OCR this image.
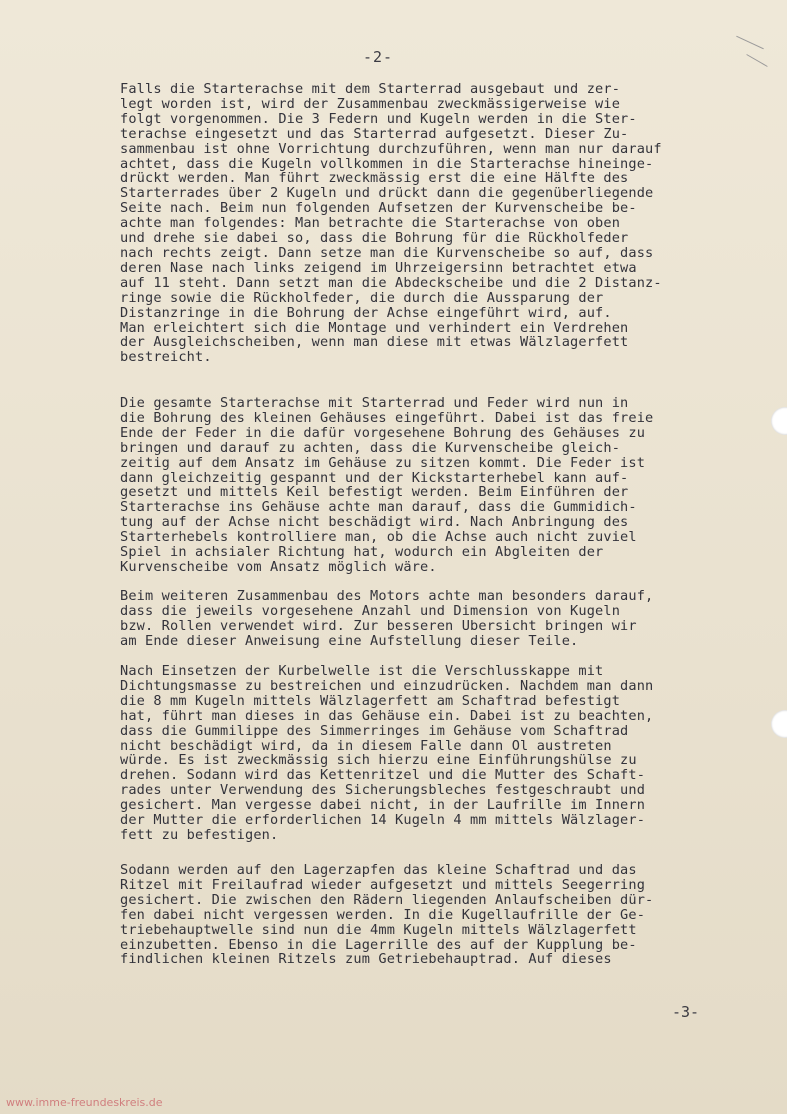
-2-
Falls die Starterachse mit dem Starterrad ausgebaut und zer-
legt worden ist, wird der Zusammenbau zweckmässigerweise wie
folgt vorgenommen. Die 3 Federn und Kugeln werden in die Ster-
terachse eingesetzt und das Starterrad aufgesetzt. Dieser Zu-
sammenbau ist ohne Vorrichtung durchzuführen, wenn man nur darauf
achtet, dass die Kugeln vollkommen in die Starterachse hineinge-
drückt werden. Man führt zweckmässig erst die eine Hälfte des
Starterrades über 2 Kugeln und drückt dann die gegenüberliegende
Seite nach. Beim nun folgenden Aufsetzen der Kurvenscheibe be-
achte man folgendes: Man betrachte die Starterachse von oben
und drehe sie dabei so, dass die Bohrung für die Rückholfeder
nach rechts zeigt. Dann setze man die Kurvenscheibe so auf, dass
deren Nase nach links zeigend im Uhrzeigersinn betrachtet etwa
auf 11 steht. Dann setzt man die Abdeckscheibe und die 2 Distanz-
ringe sowie die Rückholfeder, die durch die Aussparung der
Distanzringe in die Bohrung der Achse eingeführt wird, auf.
Man erleichtert sich die Montage und verhindert ein Verdrehen
der Ausgleichscheiben, wenn man diese mit etwas Wälzlagerfett
bestreicht.
Die gesamte Starterachse mit Starterrad und Feder wird nun in
die Bohrung des kleinen Gehäuses eingeführt. Dabei ist das freie
Ende der Feder in die dafür vorgesehene Bohrung des Gehäuses zu
bringen und darauf zu achten, dass die Kurvenscheibe gleich-
zeitig auf dem Ansatz im Gehäuse zu sitzen kommt. Die Feder ist
dann gleichzeitig gespannt und der Kickstarterhebel kann auf-
gesetzt und mittels Keil befestigt werden. Beim Einführen der
Starterachse ins Gehäuse achte man darauf, dass die Gummidich-
tung auf der Achse nicht beschädigt wird. Nach Anbringung des
Starterhebels kontrolliere man, ob die Achse auch nicht zuviel
Spiel in achsialer Richtung hat, wodurch ein Abgleiten der
Kurvenscheibe vom Ansatz möglich wäre.
Beim weiteren Zusammenbau des Motors achte man besonders darauf,
dass die jeweils vorgesehene Anzahl und Dimension von Kugeln
bzw. Rollen verwendet wird. Zur besseren Übersicht bringen wir
am Ende dieser Anweisung eine Aufstellung dieser Teile.
Nach Einsetzen der Kurbelwelle ist die Verschlusskappe mit
Dichtungsmasse zu bestreichen und einzudrücken. Nachdem man dann
die 8 mm Kugeln mittels Wälzlagerfett am Schaftrad befestigt
hat, führt man dieses in das Gehäuse ein. Dabei ist zu beachten,
dass die Gummilippe des Simmerringes im Gehäuse vom Schaftrad
nicht beschädigt wird, da in diesem Falle dann Öl austreten
würde. Es ist zweckmässig sich hierzu eine Einführungshülse zu
drehen. Sodann wird das Kettenritzel und die Mutter des Schaft-
rades unter Verwendung des Sicherungsbleches festgeschraubt und
gesichert. Man vergesse dabei nicht, in der Laufrille im Innern
der Mutter die erforderlichen 14 Kugeln 4 mm mittels Wälzlager-
fett zu befestigen.
Sodann werden auf den Lagerzapfen das kleine Schaftrad und das
Ritzel mit Freilaufrad wieder aufgesetzt und mittels Seegerring
gesichert. Die zwischen den Rädern liegenden Anlaufscheiben dür-
fen dabei nicht vergessen werden. In die Kugellaufrille der Ge-
triebehauptwelle sind nun die 4mm Kugeln mittels Wälzlagerfett
einzubetten. Ebenso in die Lagerrille des auf der Kupplung be-
findlichen kleinen Ritzels zum Getriebehauptrad. Auf dieses
-3-
www.imme-freundeskreis.de
